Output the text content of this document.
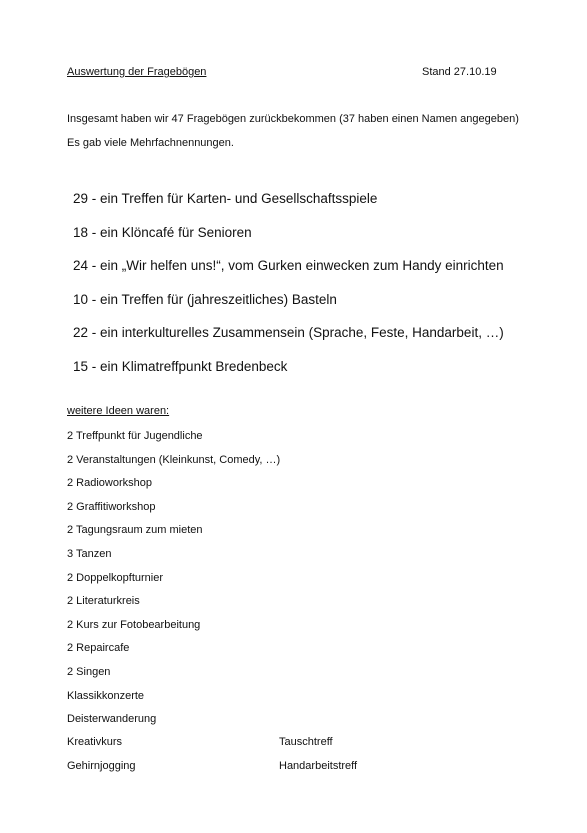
Auswertung der Fragebögen	Stand 27.10.19
Insgesamt haben wir 47 Fragebögen zurückbekommen (37 haben einen Namen angegeben)
Es gab viele Mehrfachnennungen.
29 - ein Treffen für Karten- und Gesellschaftsspiele
18 - ein Klöncafé für Senioren
24 - ein „Wir helfen uns!“, vom Gurken einwecken zum Handy einrichten
10 - ein Treffen für (jahreszeitliches) Basteln
22 - ein interkulturelles Zusammensein (Sprache, Feste, Handarbeit, …)
15 - ein Klimatreffpunkt Bredenbeck
weitere Ideen waren:
2 Treffpunkt für Jugendliche
2 Veranstaltungen (Kleinkunst, Comedy, …)
2 Radioworkshop
2 Graffitiworkshop
2 Tagungsraum zum mieten
3 Tanzen
2 Doppelkopfturnier
2 Literaturkreis
2 Kurs zur Fotobearbeitung
2 Repaircafe
2 Singen
Klassikkonzerte
Deisterwanderung
Kreativkurs	Tauschtreff
Gehirnjogging	Handarbeitstreff
